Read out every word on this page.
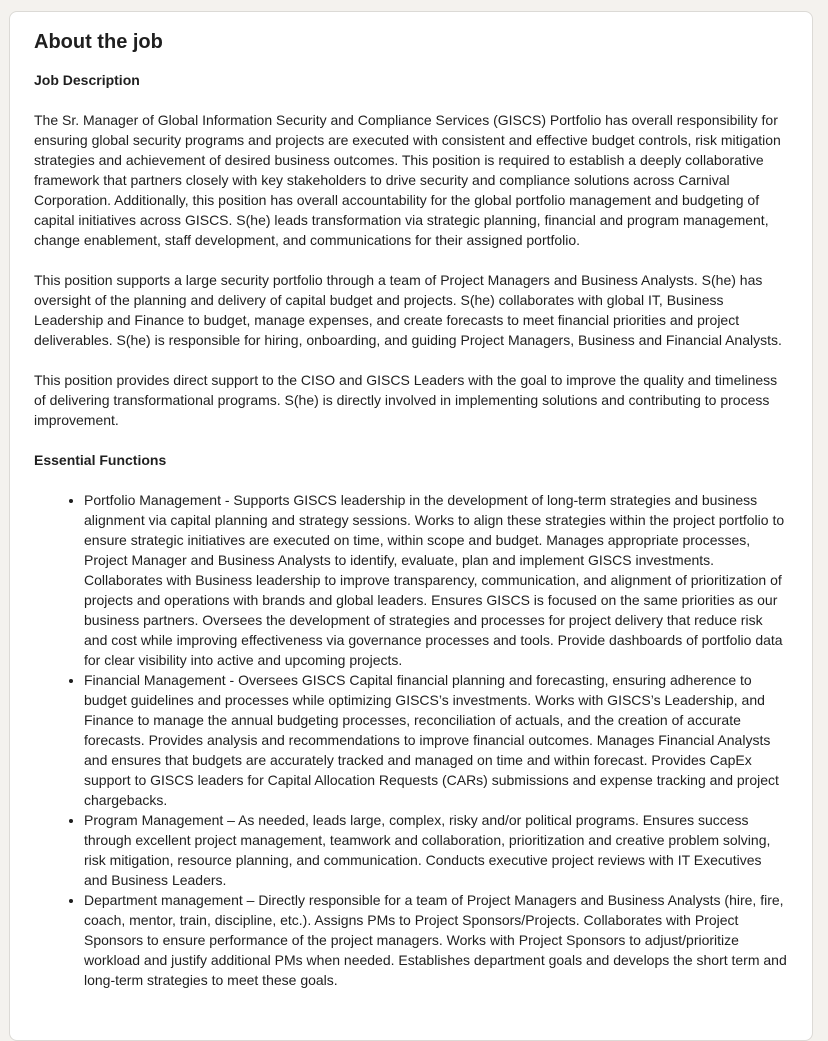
About the job

Job Description

The Sr. Manager of Global Information Security and Compliance Services (GISCS) Portfolio has overall responsibility for ensuring global security programs and projects are executed with consistent and effective budget controls, risk mitigation strategies and achievement of desired business outcomes. This position is required to establish a deeply collaborative framework that partners closely with key stakeholders to drive security and compliance solutions across Carnival Corporation. Additionally, this position has overall accountability for the global portfolio management and budgeting of capital initiatives across GISCS. S(he) leads transformation via strategic planning, financial and program management, change enablement, staff development, and communications for their assigned portfolio.

This position supports a large security portfolio through a team of Project Managers and Business Analysts. S(he) has oversight of the planning and delivery of capital budget and projects. S(he) collaborates with global IT, Business Leadership and Finance to budget, manage expenses, and create forecasts to meet financial priorities and project deliverables. S(he) is responsible for hiring, onboarding, and guiding Project Managers, Business and Financial Analysts.

This position provides direct support to the CISO and GISCS Leaders with the goal to improve the quality and timeliness of delivering transformational programs. S(he) is directly involved in implementing solutions and contributing to process improvement.

Essential Functions

• Portfolio Management - Supports GISCS leadership in the development of long-term strategies and business alignment via capital planning and strategy sessions. Works to align these strategies within the project portfolio to ensure strategic initiatives are executed on time, within scope and budget. Manages appropriate processes, Project Manager and Business Analysts to identify, evaluate, plan and implement GISCS investments. Collaborates with Business leadership to improve transparency, communication, and alignment of prioritization of projects and operations with brands and global leaders. Ensures GISCS is focused on the same priorities as our business partners. Oversees the development of strategies and processes for project delivery that reduce risk and cost while improving effectiveness via governance processes and tools. Provide dashboards of portfolio data for clear visibility into active and upcoming projects.
• Financial Management - Oversees GISCS Capital financial planning and forecasting, ensuring adherence to budget guidelines and processes while optimizing GISCS’s investments. Works with GISCS’s Leadership, and Finance to manage the annual budgeting processes, reconciliation of actuals, and the creation of accurate forecasts. Provides analysis and recommendations to improve financial outcomes. Manages Financial Analysts and ensures that budgets are accurately tracked and managed on time and within forecast. Provides CapEx support to GISCS leaders for Capital Allocation Requests (CARs) submissions and expense tracking and project chargebacks.
• Program Management – As needed, leads large, complex, risky and/or political programs. Ensures success through excellent project management, teamwork and collaboration, prioritization and creative problem solving, risk mitigation, resource planning, and communication. Conducts executive project reviews with IT Executives and Business Leaders.
• Department management – Directly responsible for a team of Project Managers and Business Analysts (hire, fire, coach, mentor, train, discipline, etc.). Assigns PMs to Project Sponsors/Projects. Collaborates with Project Sponsors to ensure performance of the project managers. Works with Project Sponsors to adjust/prioritize workload and justify additional PMs when needed. Establishes department goals and develops the short term and long-term strategies to meet these goals.
